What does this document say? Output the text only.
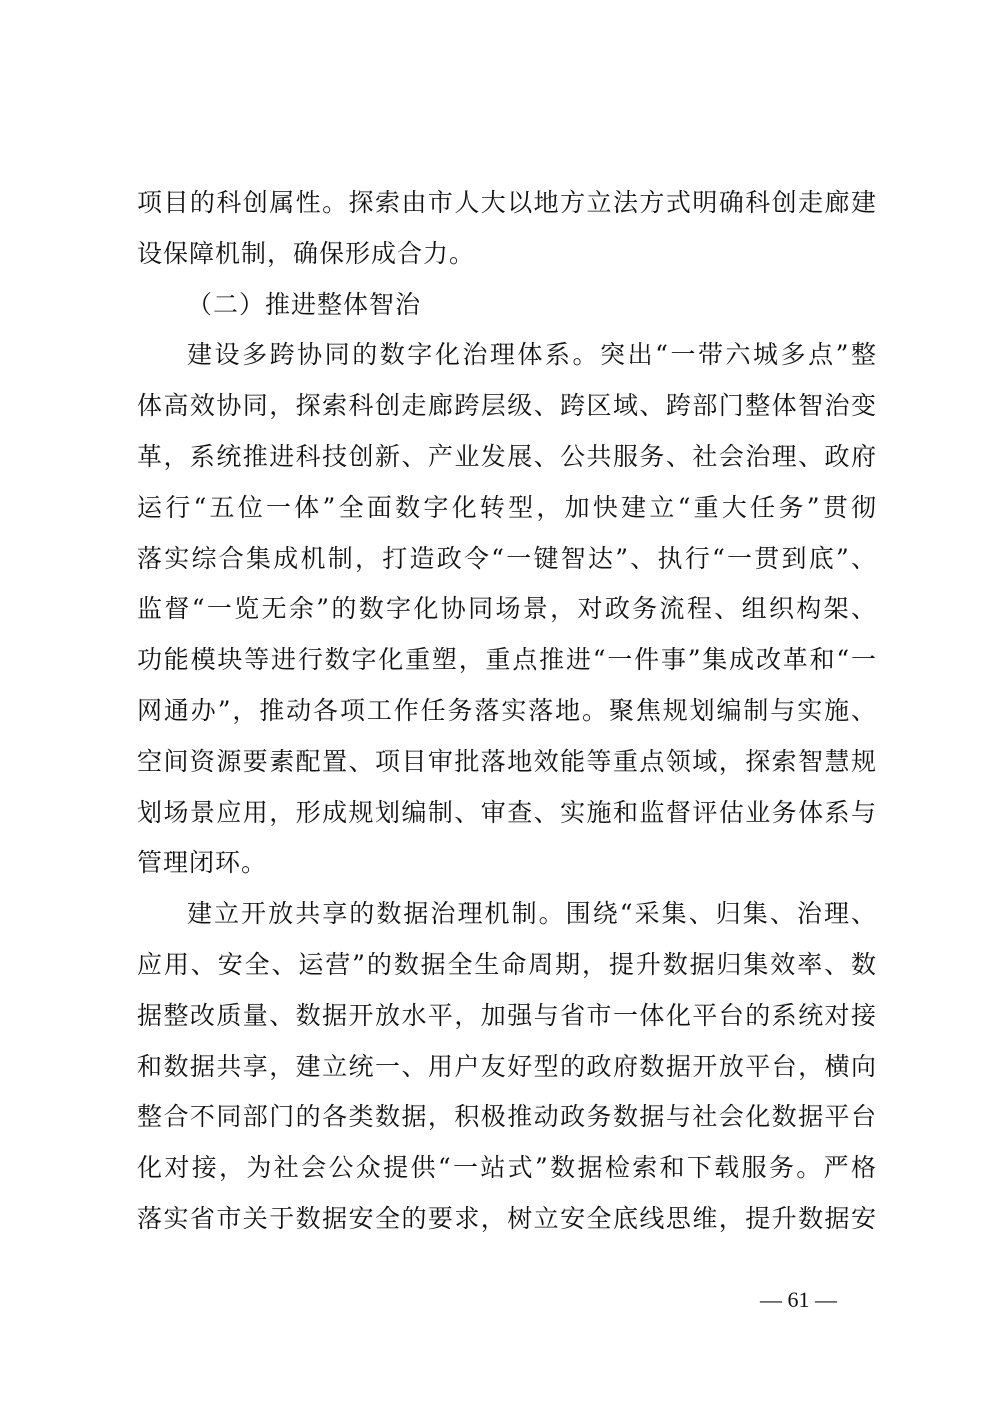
项目的科创属性。探索由市人大以地方立法方式明确科创走廊建
设保障机制，确保形成合力。
（二）推进整体智治
建设多跨协同的数字化治理体系。突出“一带六城多点”整
体高效协同，探索科创走廊跨层级、跨区域、跨部门整体智治变
革，系统推进科技创新、产业发展、公共服务、社会治理、政府
运行“五位一体”全面数字化转型，加快建立“重大任务”贯彻
落实综合集成机制，打造政令“一键智达”、执行“一贯到底”、
监督“一览无余”的数字化协同场景，对政务流程、组织构架、
功能模块等进行数字化重塑，重点推进“一件事”集成改革和“一
网通办”，推动各项工作任务落实落地。聚焦规划编制与实施、
空间资源要素配置、项目审批落地效能等重点领域，探索智慧规
划场景应用，形成规划编制、审查、实施和监督评估业务体系与
管理闭环。
建立开放共享的数据治理机制。围绕“采集、归集、治理、
应用、安全、运营”的数据全生命周期，提升数据归集效率、数
据整改质量、数据开放水平，加强与省市一体化平台的系统对接
和数据共享，建立统一、用户友好型的政府数据开放平台，横向
整合不同部门的各类数据，积极推动政务数据与社会化数据平台
化对接，为社会公众提供“一站式”数据检索和下载服务。严格
落实省市关于数据安全的要求，树立安全底线思维，提升数据安
— 61 —
